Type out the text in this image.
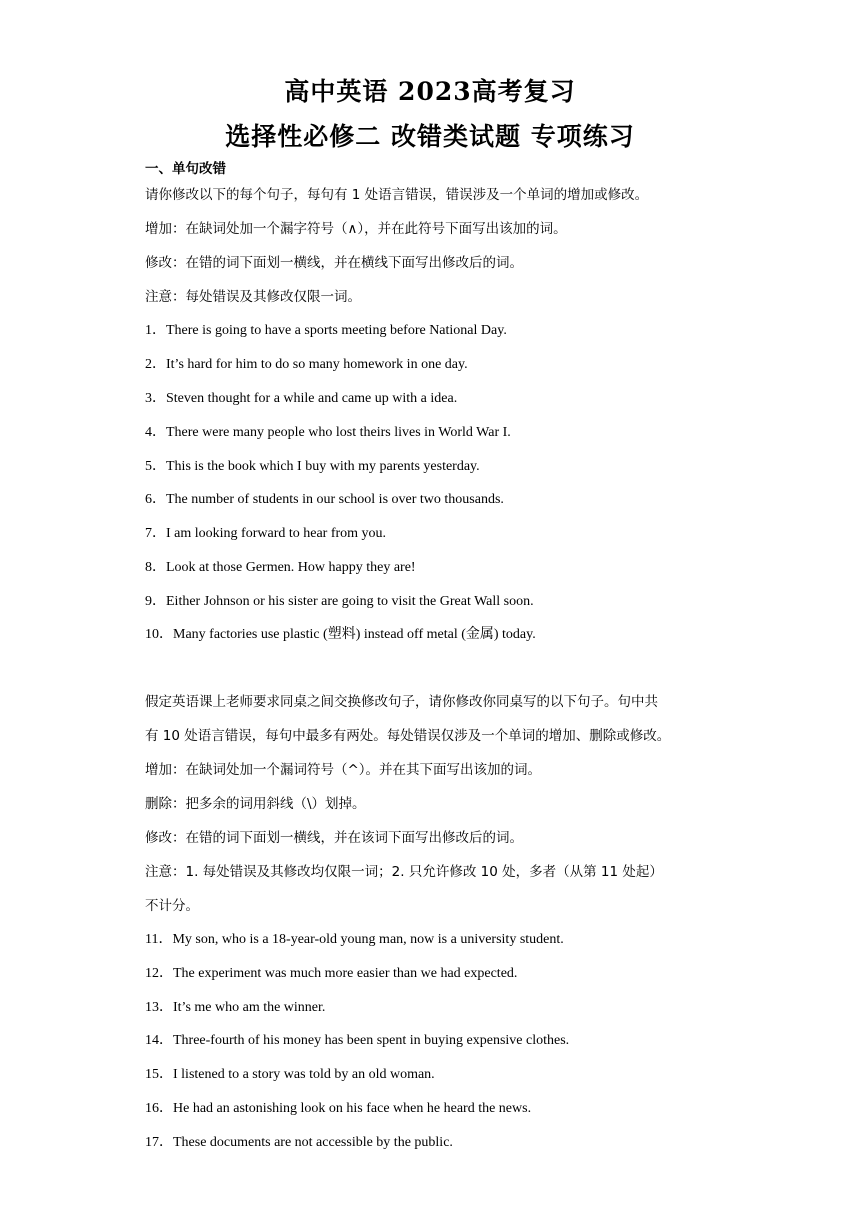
高中英语 2023高考复习
选择性必修二 改错类试题 专项练习
一、单句改错
请你修改以下的每个句子，每句有 1 处语言错误，错误涉及一个单词的增加或修改。
增加：在缺词处加一个漏字符号（∧），并在此符号下面写出该加的词。
修改：在错的词下面划一横线，并在横线下面写出修改后的词。
注意：每处错误及其修改仅限一词。
1．There is going to have a sports meeting before National Day.
2．It’s hard for him to do so many homework in one day.
3．Steven thought for a while and came up with a idea.
4．There were many people who lost theirs lives in World War I.
5．This is the book which I buy with my parents yesterday.
6．The number of students in our school is over two thousands.
7．I am looking forward to hear from you.
8．Look at those Germen. How happy they are!
9．Either Johnson or his sister are going to visit the Great Wall soon.
10．Many factories use plastic (塑料) instead off metal (金属) today.
假定英语课上老师要求同桌之间交换修改句子，请你修改你同桌写的以下句子。句中共
有 10 处语言错误，每句中最多有两处。每处错误仅涉及一个单词的增加、删除或修改。
增加：在缺词处加一个漏词符号（^）。并在其下面写出该加的词。
删除：把多余的词用斜线（\）划掉。
修改：在错的词下面划一横线，并在该词下面写出修改后的词。
注意：1. 每处错误及其修改均仅限一词；2. 只允许修改 10 处，多者（从第 11 处起）
不计分。
11．My son, who is a 18-year-old young man, now is a university student.
12．The experiment was much more easier than we had expected.
13．It’s me who am the winner.
14．Three-fourth of his money has been spent in buying expensive clothes.
15．I listened to a story was told by an old woman.
16．He had an astonishing look on his face when he heard the news.
17．These documents are not accessible by the public.
